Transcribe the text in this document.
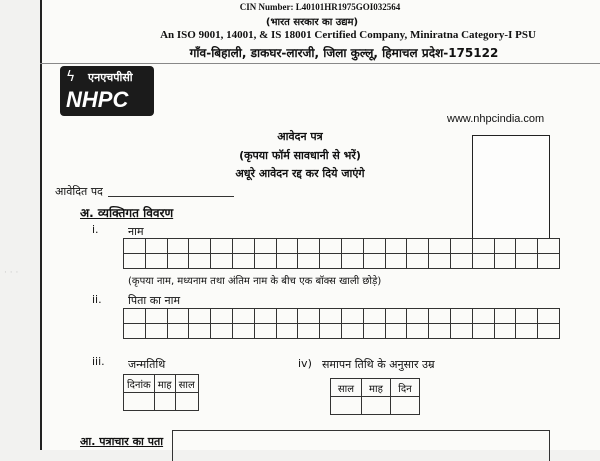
· · ·
CIN Number: L40101HR1975GOI032564
(भारत सरकार का उद्यम)
An ISO 9001, 14001, & IS 18001 Certified Company, Miniratna Category-I PSU
गाँव-बिहाली, डाकघर-लारजी, जिला कुल्लू, हिमाचल प्रदेश-175122
ϟ एनएचपीसी
NHPC
www.nhpcindia.com
आवेदन पत्र
(कृपया फॉर्म सावधानी से भरें)
अधूरे आवेदन रद्द कर दिये जाएंगे
आवेदित पद
अ. व्यक्तिगत विवरण
i.	नाम

(कृपया नाम, मध्यनाम तथा अंतिम नाम के बीच एक बॉक्स खाली छोड़े)
ii. पिता का नाम

iii. जन्मतिथि
दिनांक	माह	साल

iv) समापन तिथि के अनुसार उम्र
साल	माह	दिन

आ. पत्राचार का पता
